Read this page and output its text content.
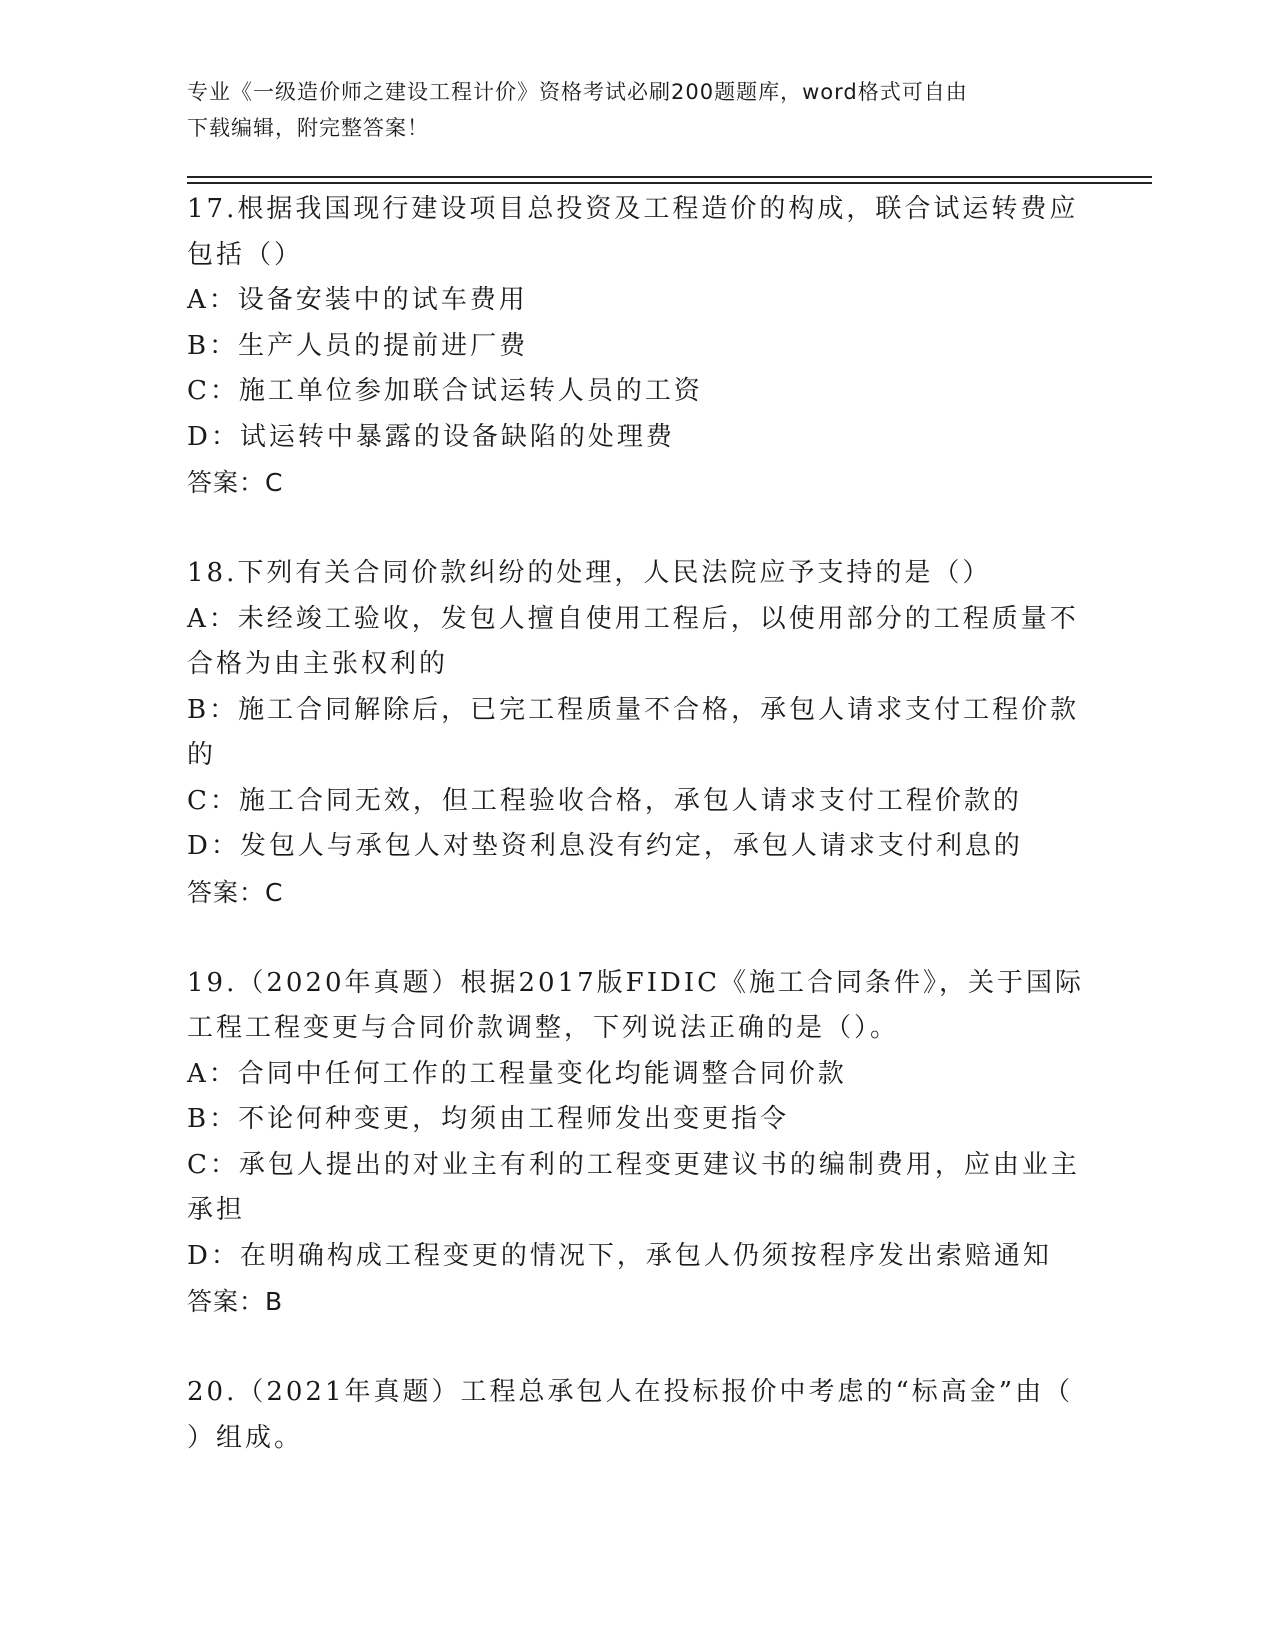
专业《一级造价师之建设工程计价》资格考试必刷200题题库，word格式可自由
下载编辑，附完整答案！
17.根据我国现行建设项目总投资及工程造价的构成，联合试运转费应
包括（）
A：设备安装中的试车费用
B：生产人员的提前进厂费
C：施工单位参加联合试运转人员的工资
D：试运转中暴露的设备缺陷的处理费
答案：C
18.下列有关合同价款纠纷的处理，人民法院应予支持的是（）
A：未经竣工验收，发包人擅自使用工程后，以使用部分的工程质量不
合格为由主张权利的
B：施工合同解除后，已完工程质量不合格，承包人请求支付工程价款
的
C：施工合同无效，但工程验收合格，承包人请求支付工程价款的
D：发包人与承包人对垫资利息没有约定，承包人请求支付利息的
答案：C
19.（2020年真题）根据2017版FIDIC《施工合同条件》，关于国际
工程工程变更与合同价款调整，下列说法正确的是（）。
A：合同中任何工作的工程量变化均能调整合同价款
B：不论何种变更，均须由工程师发出变更指令
C：承包人提出的对业主有利的工程变更建议书的编制费用，应由业主
承担
D：在明确构成工程变更的情况下，承包人仍须按程序发出索赔通知
答案：B
20.（2021年真题）工程总承包人在投标报价中考虑的“标高金”由（
）组成。
